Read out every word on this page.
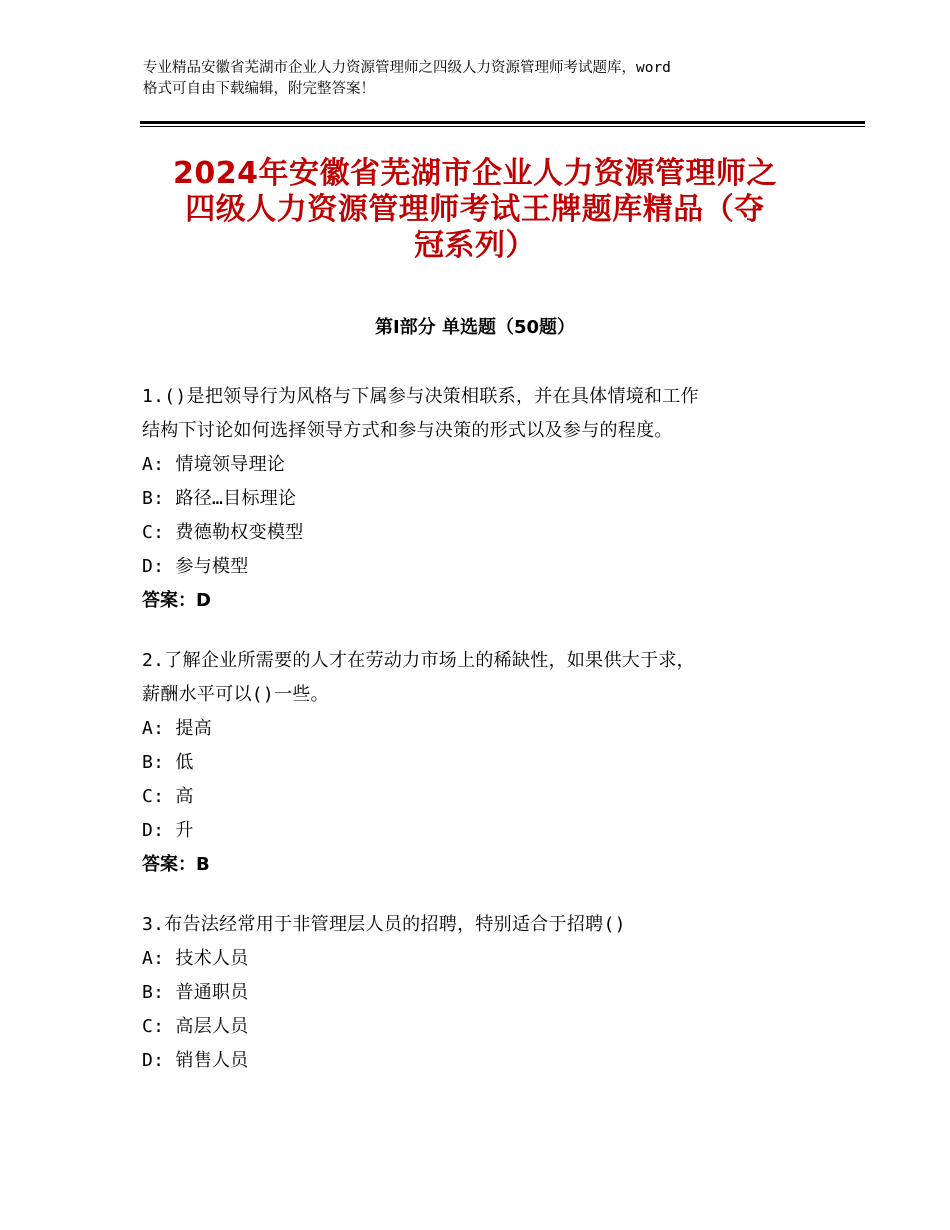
专业精品安徽省芜湖市企业人力资源管理师之四级人力资源管理师考试题库，word
格式可自由下载编辑，附完整答案！
2024年安徽省芜湖市企业人力资源管理师之
四级人力资源管理师考试王牌题库精品（夺
冠系列）
第Ⅰ部分 单选题（50题）
1.()是把领导行为风格与下属参与决策相联系，并在具体情境和工作
结构下讨论如何选择领导方式和参与决策的形式以及参与的程度。
A: 情境领导理论
B: 路径…目标理论
C: 费德勒权变模型
D: 参与模型
答案：D
2.了解企业所需要的人才在劳动力市场上的稀缺性，如果供大于求，
薪酬水平可以()一些。
A: 提高
B: 低
C: 高
D: 升
答案：B
3.布告法经常用于非管理层人员的招聘，特别适合于招聘()
A: 技术人员
B: 普通职员
C: 高层人员
D: 销售人员
